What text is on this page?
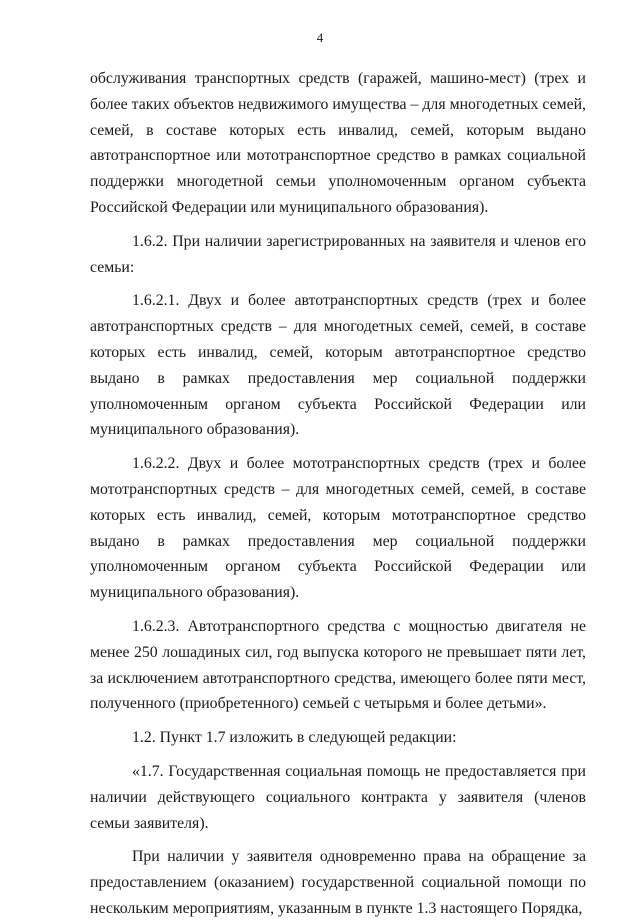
4

обслуживания транспортных средств (гаражей, машино-мест) (трех и более таких объектов недвижимого имущества – для многодетных семей, семей, в составе которых есть инвалид, семей, которым выдано автотранспортное или мототранспортное средство в рамках социальной поддержки многодетной семьи уполномоченным органом субъекта Российской Федерации или муниципального образования).

1.6.2. При наличии зарегистрированных на заявителя и членов его семьи:

1.6.2.1. Двух и более автотранспортных средств (трех и более автотранспортных средств – для многодетных семей, семей, в составе которых есть инвалид, семей, которым автотранспортное средство выдано в рамках предоставления мер социальной поддержки уполномоченным органом субъекта Российской Федерации или муниципального образования).

1.6.2.2. Двух и более мототранспортных средств (трех и более мототранспортных средств – для многодетных семей, семей, в составе которых есть инвалид, семей, которым мототранспортное средство выдано в рамках предоставления мер социальной поддержки уполномоченным органом субъекта Российской Федерации или муниципального образования).

1.6.2.3. Автотранспортного средства с мощностью двигателя не менее 250 лошадиных сил, год выпуска которого не превышает пяти лет, за исключением автотранспортного средства, имеющего более пяти мест, полученного (приобретенного) семьей с четырьмя и более детьми».

1.2. Пункт 1.7 изложить в следующей редакции:

«1.7. Государственная социальная помощь не предоставляется при наличии действующего социального контракта у заявителя (членов семьи заявителя).

При наличии у заявителя одновременно права на обращение за предоставлением (оказанием) государственной социальной помощи по нескольким мероприятиям, указанным в пункте 1.3 настоящего Порядка,
